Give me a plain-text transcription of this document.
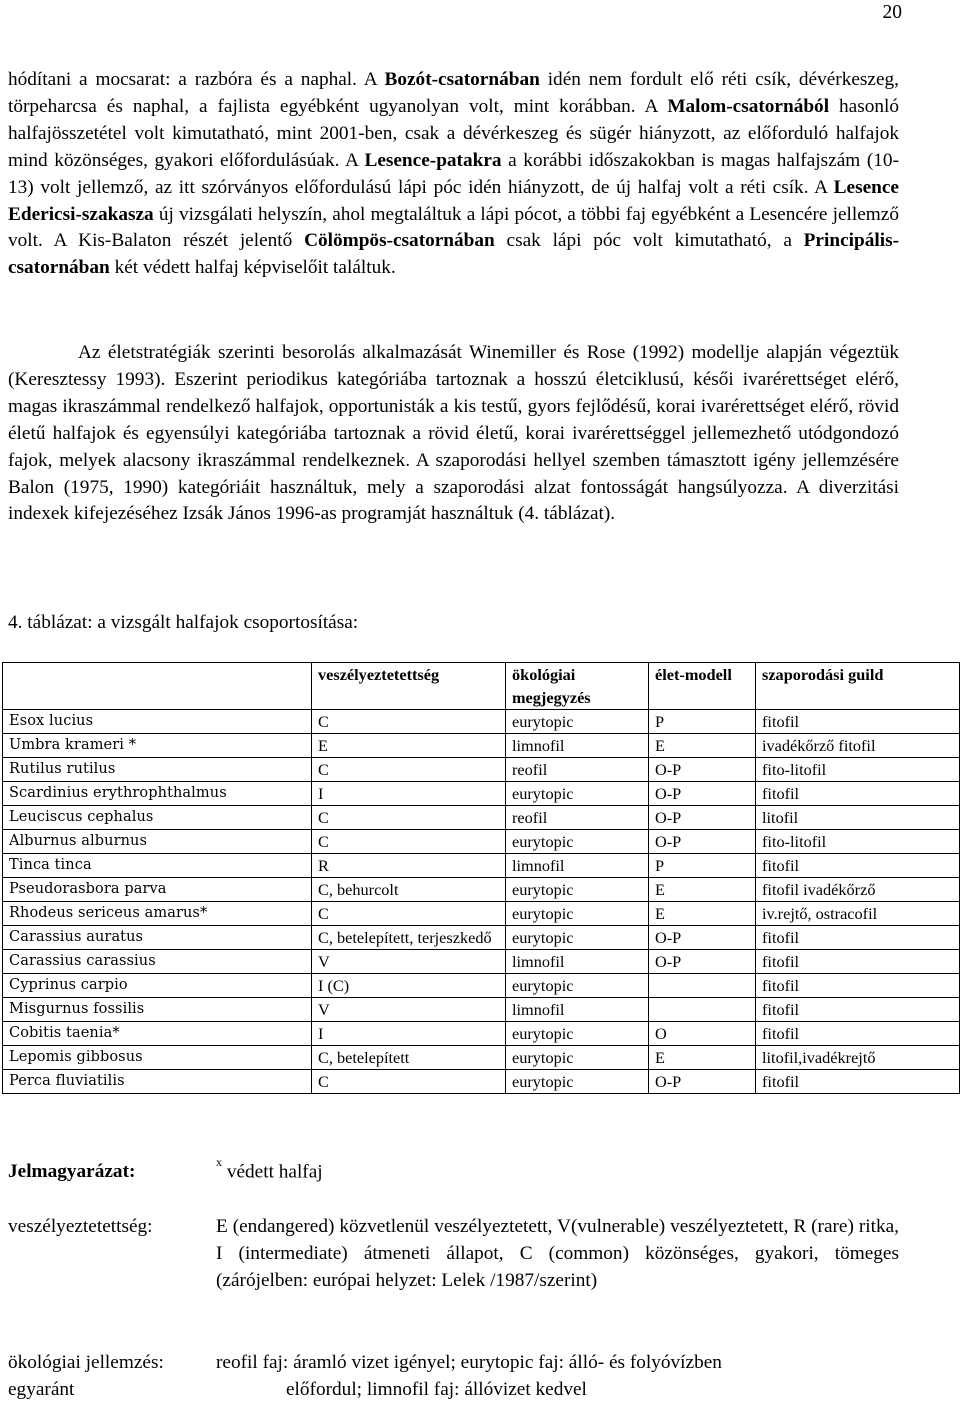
20

hódítani a mocsarat: a razbóra és a naphal. A Bozót-csatornában idén nem fordult elő réti csík, dévérkeszeg, törpeharcsa és naphal, a fajlista egyébként ugyanolyan volt, mint korábban. A Malom-csatornából hasonló halfajösszetétel volt kimutatható, mint 2001-ben, csak a dévérkeszeg és sügér hiányzott, az előforduló halfajok mind közönséges, gyakori előfordulásúak. A Lesence-patakra a korábbi időszakokban is magas halfajszám (10-13) volt jellemző, az itt szórványos előfordulású lápi póc idén hiányzott, de új halfaj volt a réti csík. A Lesence Edericsi-szakasza új vizsgálati helyszín, ahol megtaláltuk a lápi pócot, a többi faj egyébként a Lesencére jellemző volt. A Kis-Balaton részét jelentő Cölömpös-csatornában csak lápi póc volt kimutatható, a Principális-csatornában két védett halfaj képviselőit találtuk.

Az életstratégiák szerinti besorolás alkalmazását Winemiller és Rose (1992) modellje alapján végeztük (Keresztessy 1993). Eszerint periodikus kategóriába tartoznak a hosszú életciklusú, késői ivarérettséget elérő, magas ikraszámmal rendelkező halfajok, opportunisták a kis testű, gyors fejlődésű, korai ivarérettséget elérő, rövid életű halfajok és egyensúlyi kategóriába tartoznak a rövid életű, korai ivarérettséggel jellemezhető utódgondozó fajok, melyek alacsony ikraszámmal rendelkeznek. A szaporodási hellyel szemben támasztott igény jellemzésére Balon (1975, 1990) kategóriáit használtuk, mely a szaporodási alzat fontosságát hangsúlyozza. A diverzitási indexek kifejezéséhez Izsák János 1996-as programját használtuk (4. táblázat).

4. táblázat: a vizsgált halfajok csoportosítása:
	veszélyeztetettség	ökológiai megjegyzés	élet-modell	szaporodási guild
Esox lucius	C	eurytopic	P	fitofil
Umbra krameri *	E	limnofil	E	ivadékőrző fitofil
Rutilus rutilus	C	reofil	O-P	fito-litofil
Scardinius erythrophthalmus	I	eurytopic	O-P	fitofil
Leuciscus cephalus	C	reofil	O-P	litofil
Alburnus alburnus	C	eurytopic	O-P	fito-litofil
Tinca tinca	R	limnofil	P	fitofil
Pseudorasbora parva	C, behurcolt	eurytopic	E	fitofil ivadékőrző
Rhodeus sericeus amarus*	C	eurytopic	E	iv.rejtő, ostracofil
Carassius auratus	C, betelepített, terjeszkedő	eurytopic	O-P	fitofil
Carassius carassius	V	limnofil	O-P	fitofil
Cyprinus carpio	I (C)	eurytopic		fitofil
Misgurnus fossilis	V	limnofil		fitofil
Cobitis taenia*	I	eurytopic	O	fitofil
Lepomis gibbosus	C, betelepített	eurytopic	E	litofil,ivadékrejtő
Perca fluviatilis	C	eurytopic	O-P	fitofil
Jelmagyarázat:	$^x$ védett halfaj
veszélyeztetettség:	E (endangered) közvetlenül veszélyeztetett, V(vulnerable) veszélyeztetett, R (rare) ritka, I (intermediate) átmeneti állapot, C (common) közönséges, gyakori, tömeges (zárójelben: európai helyzet: Lelek /1987/szerint)
ökológiai jellemzés:	reofil faj: áramló vizet igényel; eurytopic faj: álló- és folyóvízben
egyaránt	előfordul; limnofil faj: állóvizet kedvel
